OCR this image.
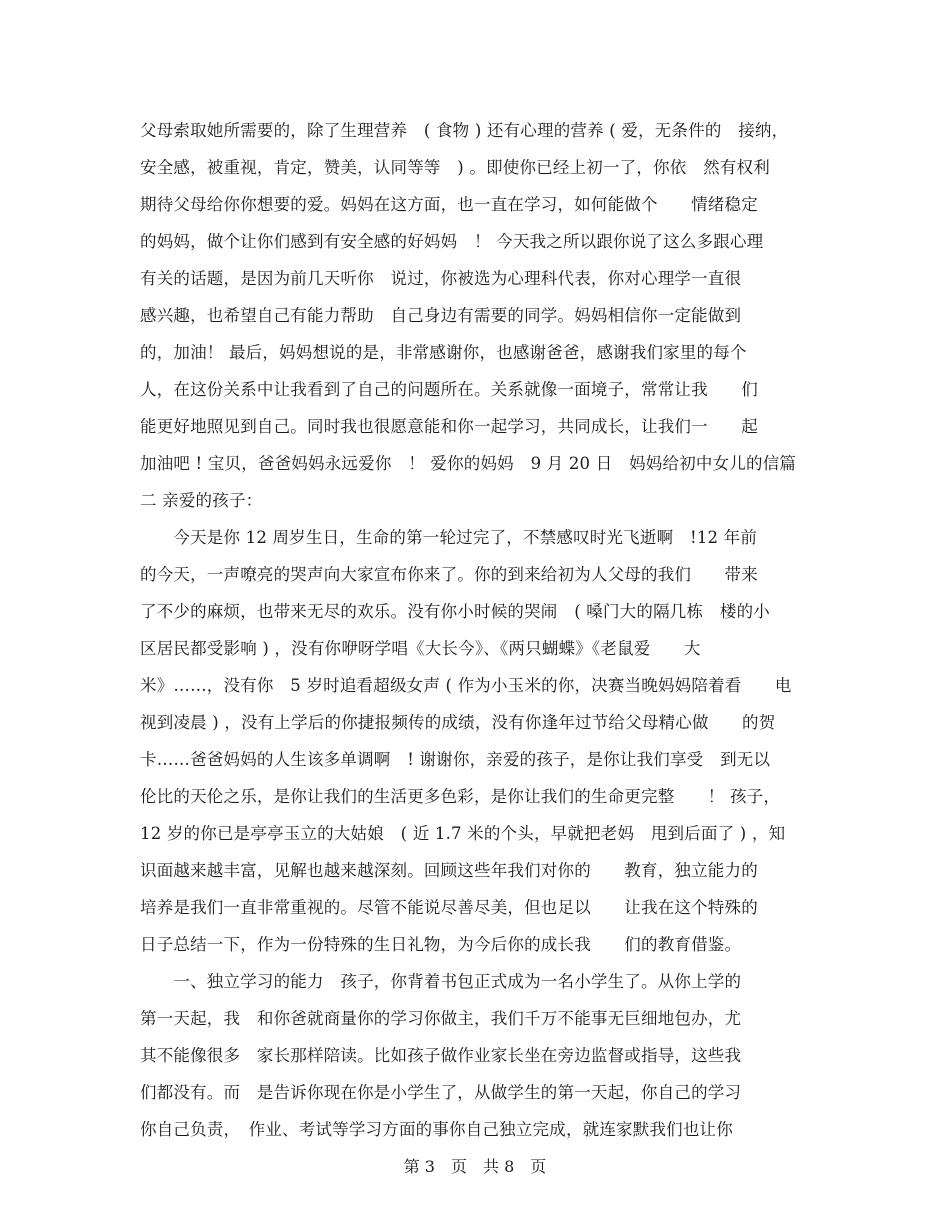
父母索取她所需要的，除了生理营养　( 食物 ) 还有心理的营养 ( 爱，无条件的　接纳，
安全感，被重视，肯定，赞美，认同等等　) 。即使你已经上初一了，你依　然有权利
期待父母给你你想要的爱。妈妈在这方面，也一直在学习，如何能做个　　情绪稳定
的妈妈，做个让你们感到有安全感的好妈妈　！ 今天我之所以跟你说了这么多跟心理
有关的话题，是因为前几天听你　说过，你被选为心理科代表，你对心理学一直很
感兴趣，也希望自己有能力帮助　自己身边有需要的同学。妈妈相信你一定能做到
的，加油！ 最后，妈妈想说的是，非常感谢你，也感谢爸爸，感谢我们家里的每个
人，在这份关系中让我看到了自己的问题所在。关系就像一面境子，常常让我　　们
能更好地照见到自己。同时我也很愿意能和你一起学习，共同成长，让我们一　　起
加油吧 ! 宝贝，爸爸妈妈永远爱你　！ 爱你的妈妈　9 月 20 日　妈妈给初中女儿的信篇
二 亲爱的孩子：
　　今天是你 12 周岁生日，生命的第一轮过完了，不禁感叹时光飞逝啊　!12 年前
的今天，一声嘹亮的哭声向大家宣布你来了。你的到来给初为人父母的我们　　带来
了不少的麻烦，也带来无尽的欢乐。没有你小时候的哭闹　( 嗓门大的隔几栋　楼的小
区居民都受影响 ) ，没有你咿呀学唱《大长今》、《两只蝴蝶》《老鼠爱　　大
米》……，没有你　5 岁时追看超级女声 ( 作为小玉米的你，决赛当晚妈妈陪着看　　电
视到凌晨 ) ，没有上学后的你捷报频传的成绩，没有你逢年过节给父母精心做　　的贺
卡……爸爸妈妈的人生该多单调啊　! 谢谢你，亲爱的孩子，是你让我们享受　到无以
伦比的天伦之乐，是你让我们的生活更多色彩，是你让我们的生命更完整　　！ 孩子，
12 岁的你已是亭亭玉立的大姑娘　( 近 1.7 米的个头，早就把老妈　甩到后面了 ) ，知
识面越来越丰富，见解也越来越深刻。回顾这些年我们对你的　　教育，独立能力的
培养是我们一直非常重视的。尽管不能说尽善尽美，但也足以　　让我在这个特殊的
日子总结一下，作为一份特殊的生日礼物，为今后你的成长我　　们的教育借鉴。
　　一、独立学习的能力　孩子，你背着书包正式成为一名小学生了。从你上学的
第一天起，我　和你爸就商量你的学习你做主，我们千万不能事无巨细地包办，尤
其不能像很多　家长那样陪读。比如孩子做作业家长坐在旁边监督或指导，这些我
们都没有。而　是告诉你现在你是小学生了，从做学生的第一天起，你自己的学习
你自己负责，　作业、考试等学习方面的事你自己独立完成，就连家默我们也让你
第 3　页　共 8　页
